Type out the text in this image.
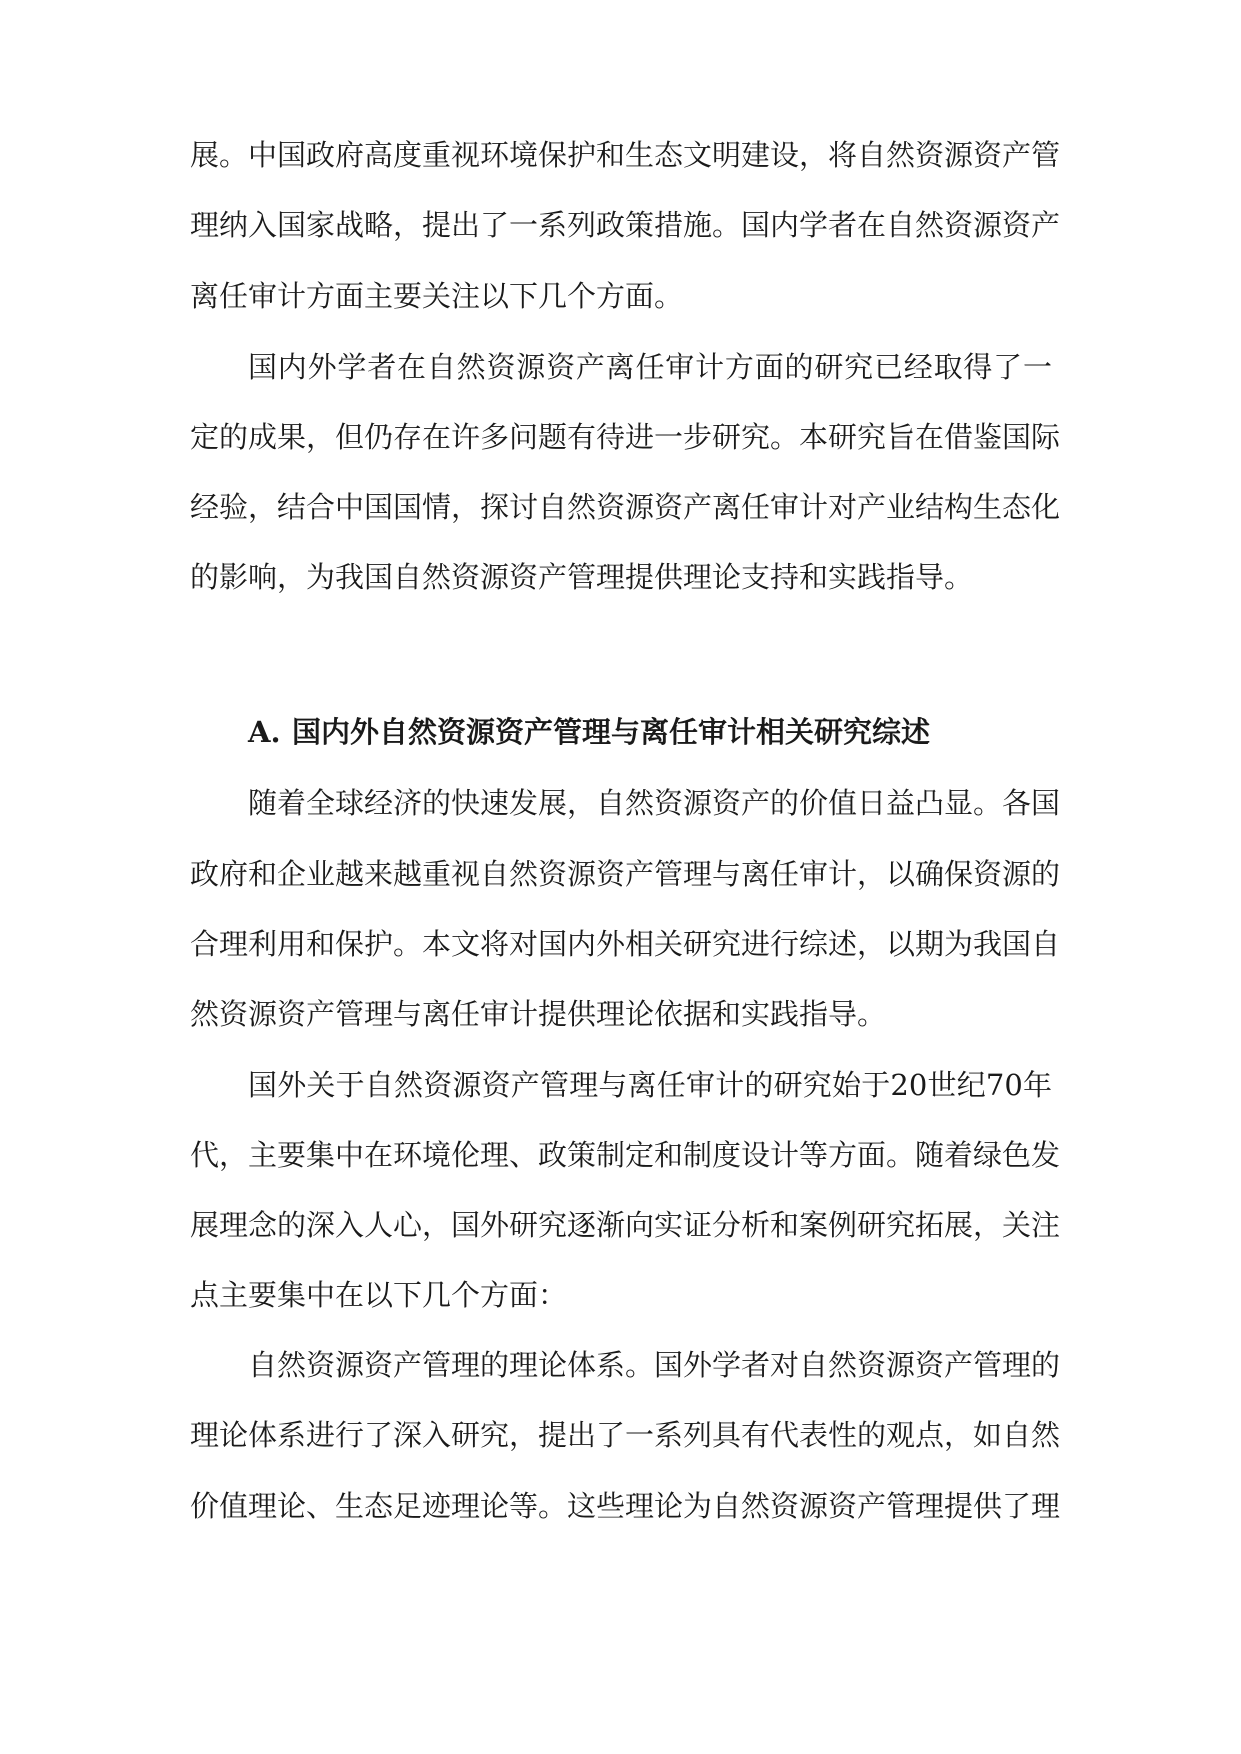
展。中国政府高度重视环境保护和生态文明建设，将自然资源资产管

理纳入国家战略，提出了一系列政策措施。国内学者在自然资源资产

离任审计方面主要关注以下几个方面。

国内外学者在自然资源资产离任审计方面的研究已经取得了一

定的成果，但仍存在许多问题有待进一步研究。本研究旨在借鉴国际

经验，结合中国国情，探讨自然资源资产离任审计对产业结构生态化

的影响，为我国自然资源资产管理提供理论支持和实践指导。

A. 国内外自然资源资产管理与离任审计相关研究综述

随着全球经济的快速发展，自然资源资产的价值日益凸显。各国

政府和企业越来越重视自然资源资产管理与离任审计，以确保资源的

合理利用和保护。本文将对国内外相关研究进行综述，以期为我国自

然资源资产管理与离任审计提供理论依据和实践指导。

国外关于自然资源资产管理与离任审计的研究始于20世纪70年

代，主要集中在环境伦理、政策制定和制度设计等方面。随着绿色发

展理念的深入人心，国外研究逐渐向实证分析和案例研究拓展，关注

点主要集中在以下几个方面：

自然资源资产管理的理论体系。国外学者对自然资源资产管理的

理论体系进行了深入研究，提出了一系列具有代表性的观点，如自然

价值理论、生态足迹理论等。这些理论为自然资源资产管理提供了理
